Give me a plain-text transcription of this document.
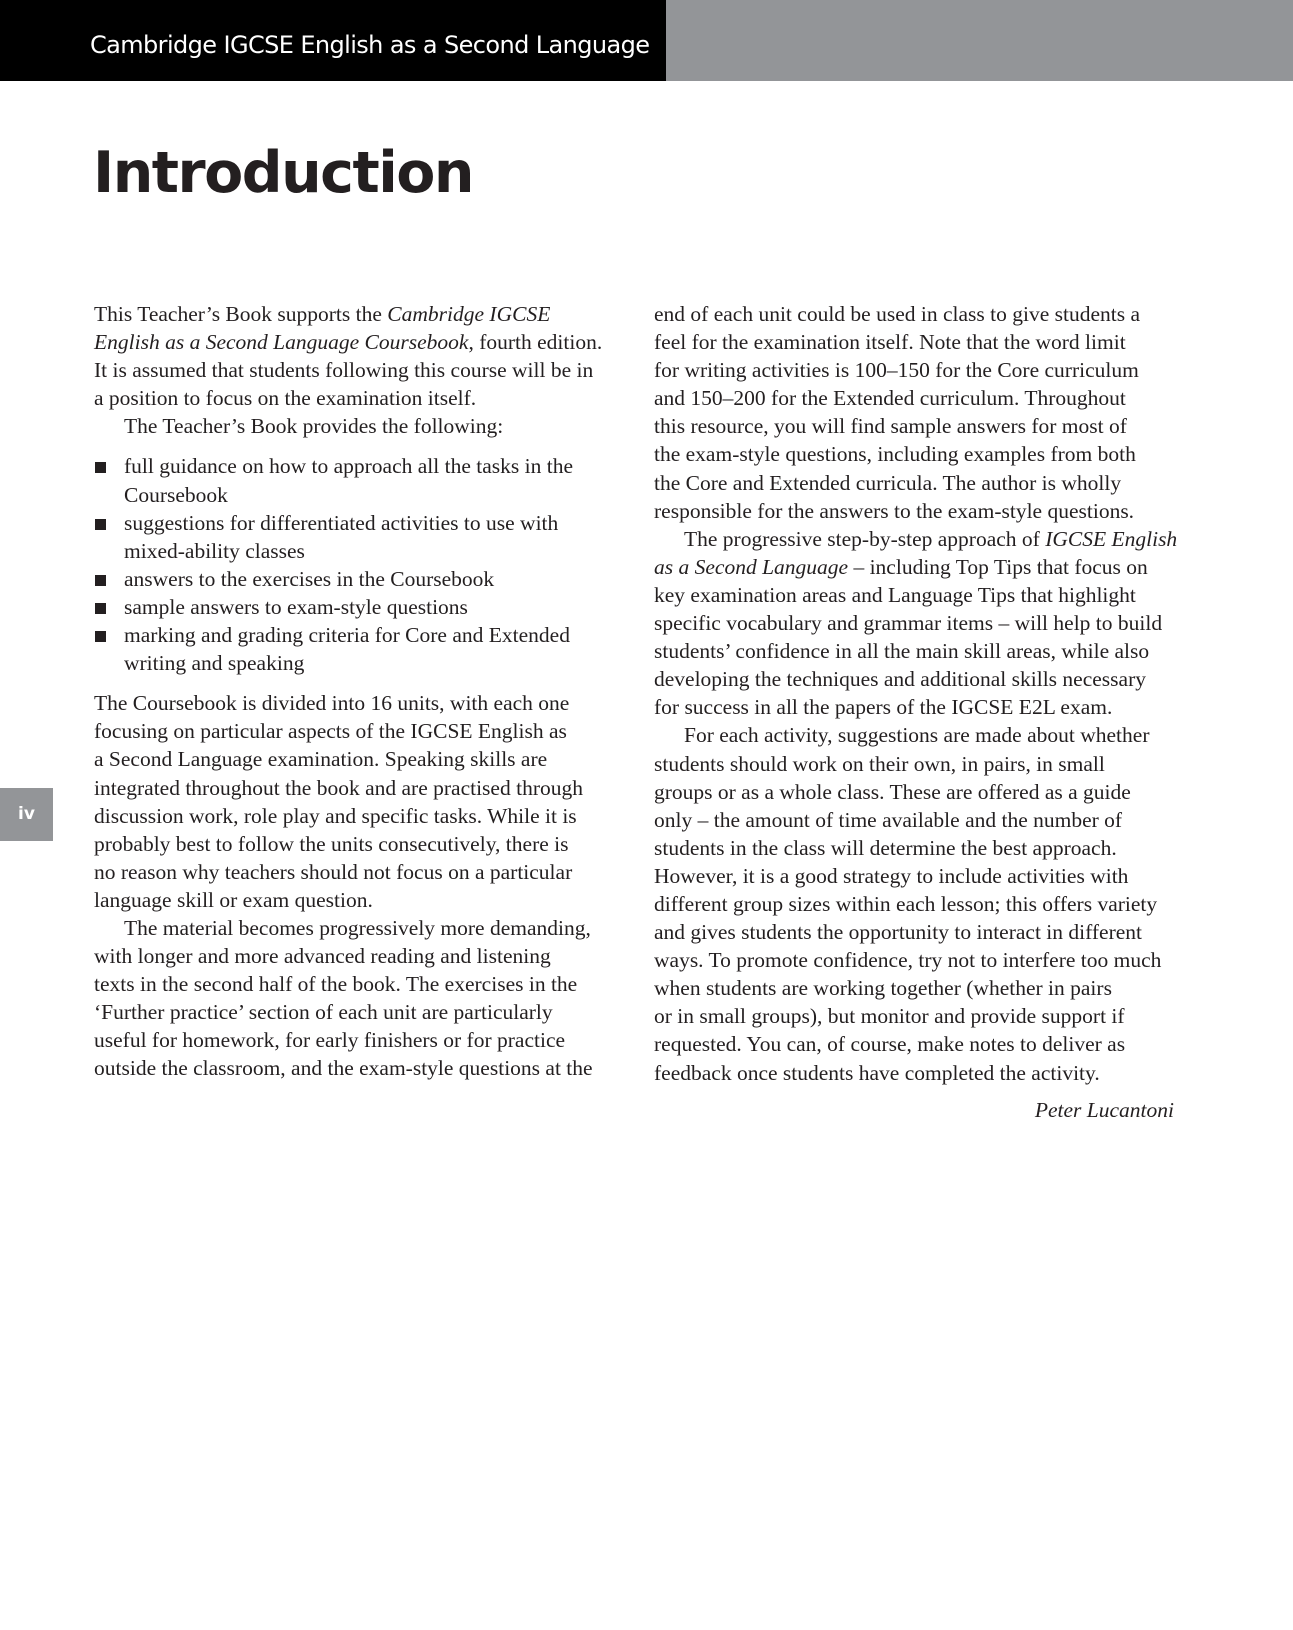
Cambridge IGCSE English as a Second Language
Introduction
iv
This Teacher’s Book supports the Cambridge IGCSE
English as a Second Language Coursebook, fourth edition.
It is assumed that students following this course will be in
a position to focus on the examination itself.
The Teacher’s Book provides the following:
full guidance on how to approach all the tasks in the
Coursebook
suggestions for differentiated activities to use with
mixed-ability classes
answers to the exercises in the Coursebook
sample answers to exam-style questions
marking and grading criteria for Core and Extended
writing and speaking
The Coursebook is divided into 16 units, with each one
focusing on particular aspects of the IGCSE English as
a Second Language examination. Speaking skills are
integrated throughout the book and are practised through
discussion work, role play and specific tasks. While it is
probably best to follow the units consecutively, there is
no reason why teachers should not focus on a particular
language skill or exam question.
The material becomes progressively more demanding,
with longer and more advanced reading and listening
texts in the second half of the book. The exercises in the
‘Further practice’ section of each unit are particularly
useful for homework, for early finishers or for practice
outside the classroom, and the exam-style questions at the
end of each unit could be used in class to give students a
feel for the examination itself. Note that the word limit
for writing activities is 100–150 for the Core curriculum
and 150–200 for the Extended curriculum. Throughout
this resource, you will find sample answers for most of
the exam-style questions, including examples from both
the Core and Extended curricula. The author is wholly
responsible for the answers to the exam-style questions.
The progressive step-by-step approach of IGCSE English
as a Second Language – including Top Tips that focus on
key examination areas and Language Tips that highlight
specific vocabulary and grammar items – will help to build
students’ confidence in all the main skill areas, while also
developing the techniques and additional skills necessary
for success in all the papers of the IGCSE E2L exam.
For each activity, suggestions are made about whether
students should work on their own, in pairs, in small
groups or as a whole class. These are offered as a guide
only – the amount of time available and the number of
students in the class will determine the best approach.
However, it is a good strategy to include activities with
different group sizes within each lesson; this offers variety
and gives students the opportunity to interact in different
ways. To promote confidence, try not to interfere too much
when students are working together (whether in pairs
or in small groups), but monitor and provide support if
requested. You can, of course, make notes to deliver as
feedback once students have completed the activity.
Peter Lucantoni
